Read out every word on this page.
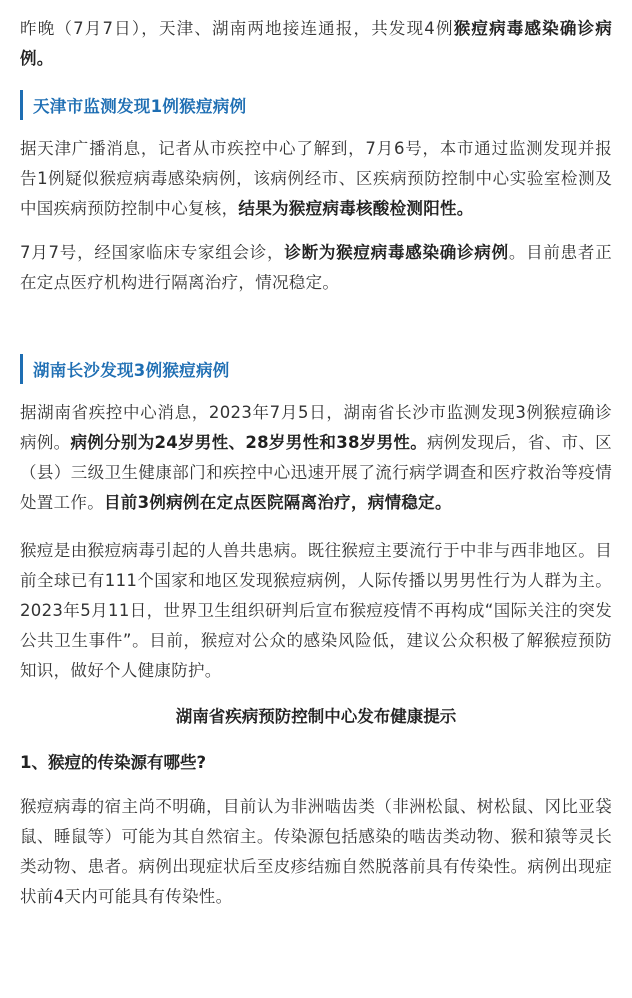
昨晚（7月7日），天津、湖南两地接连通报，共发现4例猴痘病毒感染确诊病例。

天津市监测发现1例猴痘病例

据天津广播消息，记者从市疾控中心了解到，7月6号，本市通过监测发现并报告1例疑似猴痘病毒感染病例，该病例经市、区疾病预防控制中心实验室检测及中国疾病预防控制中心复核，结果为猴痘病毒核酸检测阳性。

7月7号，经国家临床专家组会诊，诊断为猴痘病毒感染确诊病例。目前患者正在定点医疗机构进行隔离治疗，情况稳定。

湖南长沙发现3例猴痘病例

据湖南省疾控中心消息，2023年7月5日，湖南省长沙市监测发现3例猴痘确诊病例。病例分别为24岁男性、28岁男性和38岁男性。病例发现后，省、市、区（县）三级卫生健康部门和疾控中心迅速开展了流行病学调查和医疗救治等疫情处置工作。目前3例病例在定点医院隔离治疗，病情稳定。

猴痘是由猴痘病毒引起的人兽共患病。既往猴痘主要流行于中非与西非地区。目前全球已有111个国家和地区发现猴痘病例，人际传播以男男性行为人群为主。2023年5月11日，世界卫生组织研判后宣布猴痘疫情不再构成“国际关注的突发公共卫生事件”。目前，猴痘对公众的感染风险低，建议公众积极了解猴痘预防知识，做好个人健康防护。

湖南省疾病预防控制中心发布健康提示
1、猴痘的传染源有哪些?

猴痘病毒的宿主尚不明确，目前认为非洲啮齿类（非洲松鼠、树松鼠、冈比亚袋鼠、睡鼠等）可能为其自然宿主。传染源包括感染的啮齿类动物、猴和猿等灵长类动物、患者。病例出现症状后至皮疹结痂自然脱落前具有传染性。病例出现症状前4天内可能具有传染性。
